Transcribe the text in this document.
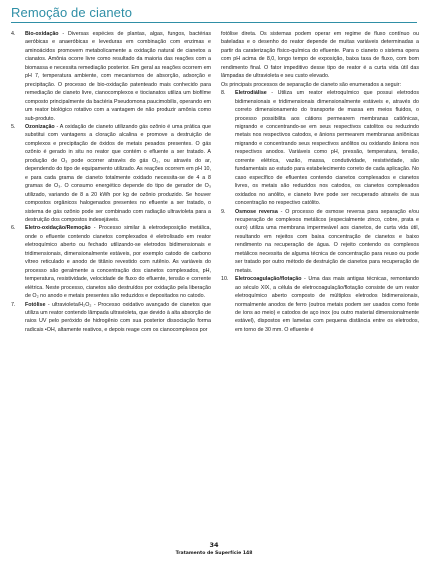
Remoção de cianeto

4. Bio-oxidação - Diversas espécies de plantas, algas, fungos, bactérias aeróbicas e anaeróbicas e leveduras em combinação com enzimas e aminoácidos promovem metabolicamente a oxidação natural de cianetos a cianatos. Amônia ocorre livre como resultado da maioria das reações com a biomassa e necessita remediação posterior. Em geral as reações ocorrem em pH 7, temperatura ambiente, com mecanismos de absorção, adsorção e precipitação. O processo de bio-oxidação patenteado mais conhecido para remediação de cianeto livre, cianocomplexos e tiocianatos utiliza um biofilme composto principalmente da bactéria Pseudomona paucimobilis, operando em um reator biológico rotativo com a vantagem de não produzir amônia como sub-produto.

5. Ozonização - A oxidação de cianeto utilizando gás ozônio é uma prática que substitui com vantagens a cloração alcalina e promove a destruição de complexos e precipitação de óxidos de metais pesados presentes. O gás ozônio é gerado in situ no reator que contém o efluente a ser tratado. A produção de O₃ pode ocorrer através do gás O₂, ou através do ar, dependendo do tipo de equipamento utilizado. As reações ocorrem em pH 10, e para cada grama de cianeto totalmente oxidado necessita-se de 4 a 8 gramas de O₃. O consumo energético depende do tipo de gerador de O₃ utilizado, variando de 8 a 20 kWh por kg de ozônio produzido. Se houver compostos orgânicos halogenados presentes no efluente a ser tratado, o sistema de gás ozônio pode ser combinado com radiação ultravioleta para a destruição dos compostos indesejáveis.

6. Eletro-oxidação/Remoção - Processo similar à eletrodeposição metálica, onde o efluente contendo cianetos complexados é eletrolisado em reator eletroquímico aberto ou fechado utilizando-se eletrodos bidimensionais e tridimensionais, dimensionalmente estáveis, por exemplo catodo de carbono vítreo reticulado e anodo de titânio revestido com rutênio. As variáveis do processo são geralmente a concentração dos cianetos complexados, pH, temperatura, resistividade, velocidade de fluxo do efluente, tensão e corrente elétrica. Neste processo, cianetos são destruídos por oxidação pela liberação de O₂ no anodo e metais presentes são reduzidos e depositados no catodo.

7. Fotólise - ultravioleta/H₂O₂ - Processo oxidativo avançado de cianetos que utiliza um reator contendo lâmpada ultravioleta, que devido à alta absorção de raios UV pelo peróxido de hidrogênio com sua posterior dissociação forma radicais •OH, altamente reativos, e depois reage com os cianocomplexos por

fotólise direta. Os sistemas podem operar em regime de fluxo contínuo ou bateladas e o desenho do reator depende de muitas variáveis determinadas a partir da caraterização físico-química do efluente. Para o cianeto o sistema opera com pH acima de 8,0, longo tempo de exposição, baixa taxa de fluxo, com bom rendimento final. O fator impeditivo desse tipo de reator é a curta vida útil das lâmpadas de ultravioleta e seu custo elevado.

Os principais processos de separação de cianeto são enumerados a seguir:

8. Eletrodiálise - Utiliza um reator eletroquímico que possui eletrodos bidimensionais e tridimensionais dimensionalmente estáveis e, através do correto dimensionamento do transporte de massa em meios fluidos, o processo possibilita aos cátions permearem membranas catiônicas, migrando e concentrando-se em seus respectivos catolitos ou reduzindo metais nos respectivos catodos, e ânions permearem membranas aniônicas migrando e concentrando seus respectivos anólitos ou oxidando ânions nos respectivos anodos. Variáveis como pH, pressão, temperatura, tensão, corrente elétrica, vazão, massa, condutividade, resistividade, são fundamentais ao estudo para estabelecimento correto de cada aplicação. No caso específico de efluentes contendo cianetos complexados e cianetos livres, os metais são reduzidos nos catodos, os cianetos complexados oxidados no anólito, e cianeto livre pode ser recuperado através de sua concentração no respectivo católito.

9. Osmose reversa - O processo de osmose reversa para separação e/ou recuperação de complexos metálicos (especialmente zinco, cobre, prata e ouro) utiliza uma membrana impermeável aos cianetos, de curta vida útil, resultando em rejeitos com baixa concentração de cianetos e baixo rendimento na recuperação de água. O rejeito contendo os complexos metálicos necessita de alguma técnica de concentração para reuso ou pode ser tratado por outro método de destruição de cianetos para recuperação de metais.

10. Eletrocoagulação/flotação - Uma das mais antigas técnicas, remontando ao século XIX, a célula de eletrocoagulação/flotação consiste de um reator eletroquímico aberto composto de múltiplos eletrodos bidimensionais, normalmente anodos de ferro (outros metais podem ser usados como fonte de íons ao meio) e catodos de aço inox (ou outro material dimensionalmente estável), dispostos em lamelas com pequena distância entre os eletrodos, em torno de 30 mm. O efluente é

34
Tratamento de Superfície 148
